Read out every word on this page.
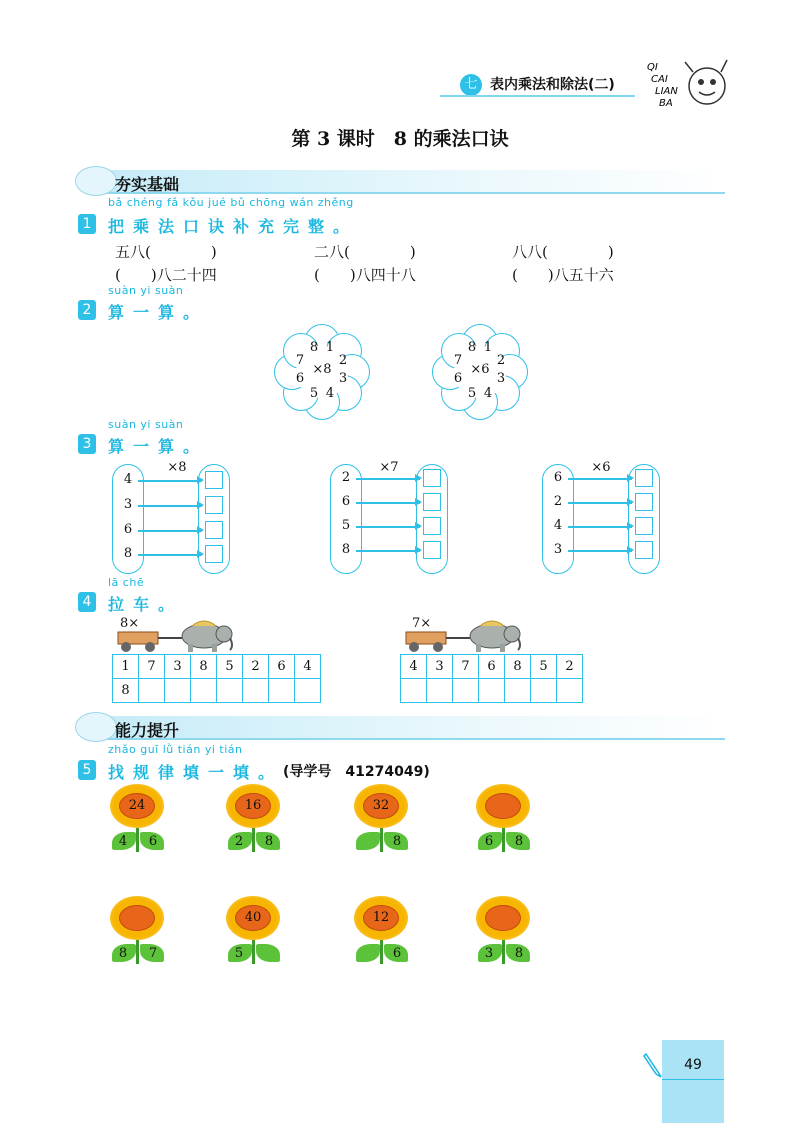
七 表内乘法和除法(二)
QI
CAI
LIAN
BA
第 3 课时　8 的乘法口诀
夯实基础
bǎ chéng fǎ kǒu jué bǔ chōng wán zhěng
1 把乘法口诀补充完整。
五八(　　　　)	二八(　　　　)	八八(　　　　)
(　　)八二十四	(　　)八四十八	(　　)八五十六
suàn yi suàn
2 算一算。
8 1
2
3
4
5
6
7
×8
8 1
2
3
4
5
6
7
×6
suàn yi suàn
3 算一算。
×8
4
3
6
8
×7
2
6
5
8
×6
6
2
4
3
lā chē
4 拉车。
8×
1	7	3	8	5	2	6	4
8							
7×
4	3	7	6	8	5	2

能力提升
zhǎo guī lǜ tián yi tián
5 找规律填一填。 (导学号　41274049)
24
4 6
16
2 8
32
8	6 8
8 7
40
5
12
6	3 8
49
